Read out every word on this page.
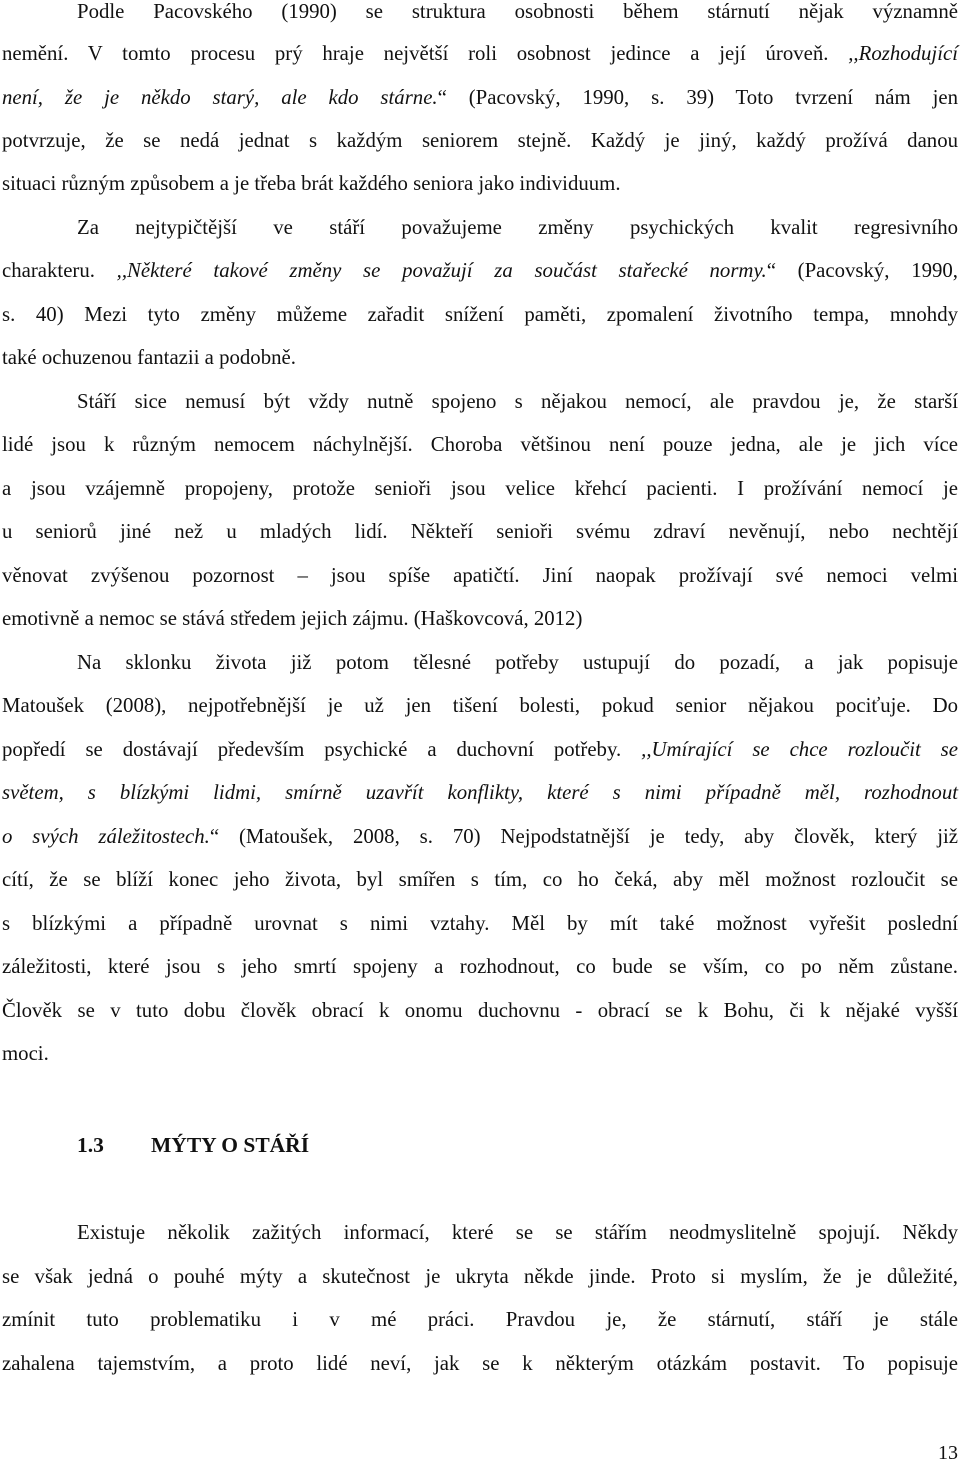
Podle Pacovského (1990) se struktura osobnosti během stárnutí nějak významně
nemění. V tomto procesu prý hraje největší roli osobnost jedince a její úroveň. ,,Rozhodující
není, že je někdo starý, ale kdo stárne.“ (Pacovský, 1990, s. 39) Toto tvrzení nám jen
potvrzuje, že se nedá jednat s každým seniorem stejně. Každý je jiný, každý prožívá danou
situaci různým způsobem a je třeba brát každého seniora jako individuum.
Za nejtypičtější ve stáří považujeme změny psychických kvalit regresivního
charakteru. ,,Některé takové změny se považují za součást stařecké normy.“ (Pacovský, 1990,
s. 40) Mezi tyto změny můžeme zařadit snížení paměti, zpomalení životního tempa, mnohdy
také ochuzenou fantazii a podobně.
Stáří sice nemusí být vždy nutně spojeno s nějakou nemocí, ale pravdou je, že starší
lidé jsou k různým nemocem náchylnější. Choroba většinou není pouze jedna, ale je jich více
a jsou vzájemně propojeny, protože senioři jsou velice křehcí pacienti. I prožívání nemocí je
u seniorů jiné než u mladých lidí. Někteří senioři svému zdraví nevěnují, nebo nechtějí
věnovat zvýšenou pozornost – jsou spíše apatičtí. Jiní naopak prožívají své nemoci velmi
emotivně a nemoc se stává středem jejich zájmu. (Haškovcová, 2012)
Na sklonku života již potom tělesné potřeby ustupují do pozadí, a jak popisuje
Matoušek (2008), nejpotřebnější je už jen tišení bolesti, pokud senior nějakou pociťuje. Do
popředí se dostávají především psychické a duchovní potřeby. ,,Umírající se chce rozloučit se
světem, s blízkými lidmi, smírně uzavřít konflikty, které s nimi případně měl, rozhodnout
o svých záležitostech.“ (Matoušek, 2008, s. 70) Nejpodstatnější je tedy, aby člověk, který již
cítí, že se blíží konec jeho života, byl smířen s tím, co ho čeká, aby měl možnost rozloučit se
s blízkými a případně urovnat s nimi vztahy. Měl by mít také možnost vyřešit poslední
záležitosti, které jsou s jeho smrtí spojeny a rozhodnout, co bude se vším, co po něm zůstane.
Člověk se v tuto dobu člověk obrací k onomu duchovnu - obrací se k Bohu, či k nějaké vyšší
moci.
1.3 MÝTY O STÁŘÍ
Existuje několik zažitých informací, které se se stářím neodmyslitelně spojují. Někdy
se však jedná o pouhé mýty a skutečnost je ukryta někde jinde. Proto si myslím, že je důležité,
zmínit tuto problematiku i v mé práci. Pravdou je, že stárnutí, stáří je stále
zahalena tajemstvím, a proto lidé neví, jak se k některým otázkám postavit. To popisuje
13
